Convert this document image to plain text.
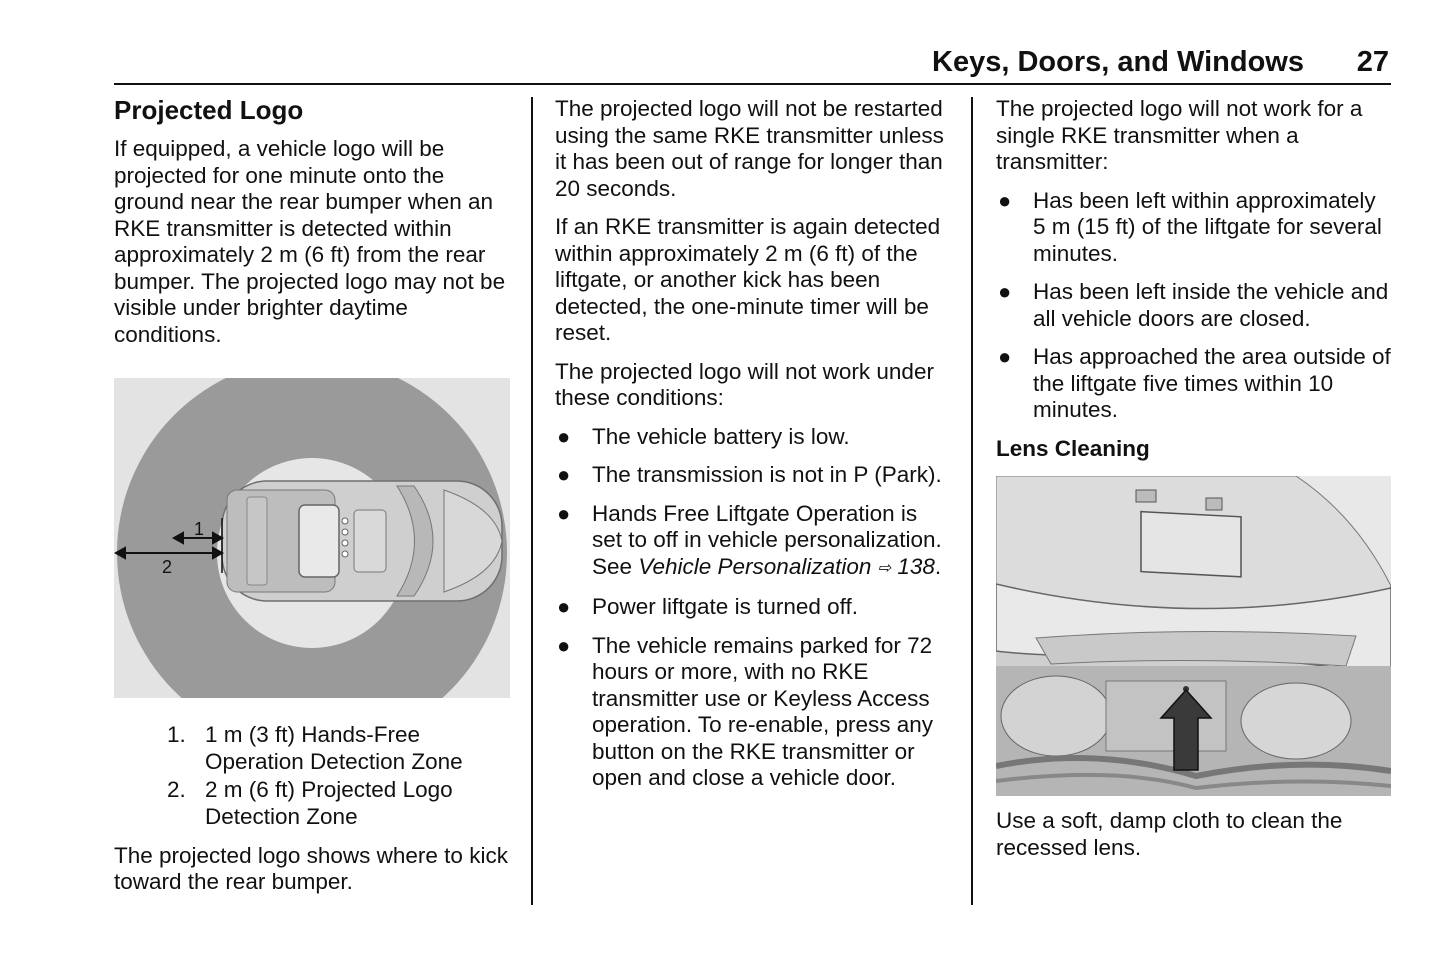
Keys, Doors, and Windows 27
Projected Logo

If equipped, a vehicle logo will be projected for one minute onto the ground near the rear bumper when an RKE transmitter is detected within approximately 2 m (6 ft) from the rear bumper. The projected logo may not be visible under brighter daytime conditions.

1
2
1. 1 m (3 ft) Hands-Free Operation Detection Zone
2. 2 m (6 ft) Projected Logo Detection Zone

The projected logo shows where to kick toward the rear bumper.

The projected logo will not be restarted using the same RKE transmitter unless it has been out of range for longer than 20 seconds.

If an RKE transmitter is again detected within approximately 2 m (6 ft) of the liftgate, or another kick has been detected, the one-minute timer will be reset.

The projected logo will not work under these conditions:

● The vehicle battery is low.
● The transmission is not in P (Park).
● Hands Free Liftgate Operation is set to off in vehicle personalization. See Vehicle Personalization ⇨ 138.
● Power liftgate is turned off.
● The vehicle remains parked for 72 hours or more, with no RKE transmitter use or Keyless Access operation. To re-enable, press any button on the RKE transmitter or open and close a vehicle door.

The projected logo will not work for a single RKE transmitter when a transmitter:

● Has been left within approximately 5 m (15 ft) of the liftgate for several minutes.
● Has been left inside the vehicle and all vehicle doors are closed.
● Has approached the area outside of the liftgate five times within 10 minutes.
Lens Cleaning

Use a soft, damp cloth to clean the recessed lens.
